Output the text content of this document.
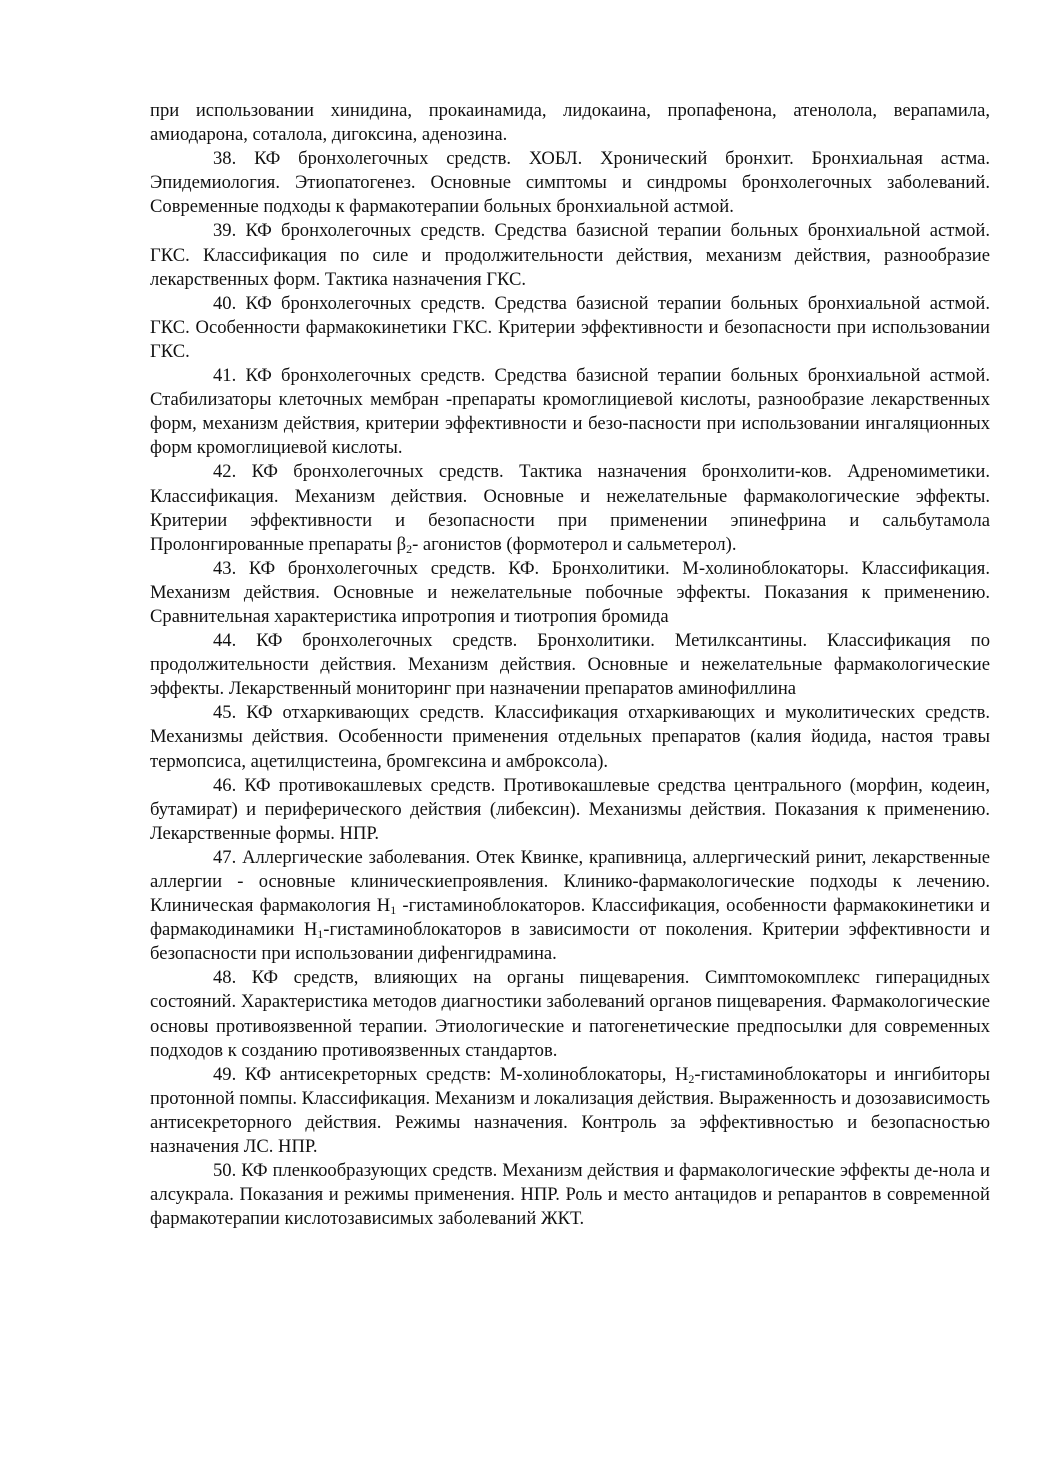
при использовании хинидина, прокаинамида, лидокаина, пропафенона, атенолола, верапамила, амиодарона, соталола, дигоксина, аденозина.

38. КФ бронхолегочных средств. ХОБЛ. Хронический бронхит. Бронхиальная астма. Эпидемиология. Этиопатогенез. Основные симптомы и синдромы бронхолегочных заболеваний. Современные подходы к фармакотерапии больных бронхиальной астмой.

39. КФ бронхолегочных средств. Средства базисной терапии больных бронхиальной астмой. ГКС. Классификация по силе и продолжительности действия, механизм действия, разнообразие лекарственных форм. Тактика назначения ГКС.

40. КФ бронхолегочных средств. Средства базисной терапии больных бронхиальной астмой. ГКС. Особенности фармакокинетики ГКС. Критерии эффективности и безопасности при использовании ГКС.

41. КФ бронхолегочных средств. Средства базисной терапии больных бронхиальной астмой. Стабилизаторы клеточных мембран -препараты кромоглициевой кислоты, разнообразие лекарственных форм, механизм действия, критерии эффективности и безо-пасности при использовании ингаляционных форм кромоглициевой кислоты.

42. КФ бронхолегочных средств. Тактика назначения бронхолити-ков. Адреномиметики. Классификация. Механизм действия. Основные и нежелательные фармакологические эффекты. Критерии эффективности и безопасности при применении эпинефрина и сальбутамола Пролонгированные препараты $\beta_2-$ агонистов (формотерол и сальметерол).

43. КФ бронхолегочных средств. КФ. Бронхолитики. М-холиноблокаторы. Классификация. Механизм действия. Основные и нежелательные побочные эффекты. Показания к применению. Сравнительная характеристика ипротропия и тиотропия бромида

44. КФ бронхолегочных средств. Бронхолитики. Метилксантины. Классификация по продолжительности действия. Механизм действия. Основные и нежелательные фармакологические эффекты. Лекарственный мониторинг при назначении препаратов аминофиллина

45. КФ отхаркивающих средств. Классификация отхаркивающих и муколитических средств. Механизмы действия. Особенности применения отдельных препаратов (калия йодида, настоя травы термопсиса, ацетилцистеина, бромгексина и амброксола).

46. КФ противокашлевых средств. Противокашлевые средства центрального (морфин, кодеин, бутамират) и периферического действия (либексин). Механизмы действия. Показания к применению. Лекарственные формы. НПР.

47. Аллергические заболевания. Отек Квинке, крапивница, аллергический ринит, лекарственные аллергии - основные клиническиепроявления. Клинико-фармакологические подходы к лечению. Клиническая фармакология $H_1$ -гистаминоблокаторов. Классификация, особенности фармакокинетики и фармакодинамики $H_1$-гистаминоблокаторов в зависимости от поколения. Критерии эффективности и безопасности при использовании дифенгидрамина.

48. КФ средств, влияющих на органы пищеварения. Симптомокомплекс гиперацидных состояний. Характеристика методов диагностики заболеваний органов пищеварения. Фармакологические основы противоязвенной терапии. Этиологические и патогенетические предпосылки для современных подходов к созданию противоязвенных стандартов.

49. КФ антисекреторных средств: М-холиноблокаторы, $H_2$-гистаминоблокаторы и ингибиторы протонной помпы. Классификация. Механизм и локализация действия. Выраженность и дозозависимость антисекреторного действия. Режимы назначения. Контроль за эффективностью и безопасностью назначения ЛС. НПР.

50. КФ пленкообразующих средств. Механизм действия и фармакологические эффекты де-нола и алсукрала. Показания и режимы применения. НПР. Роль и место антацидов и репарантов в современной фармакотерапии кислотозависимых заболеваний ЖКТ.
